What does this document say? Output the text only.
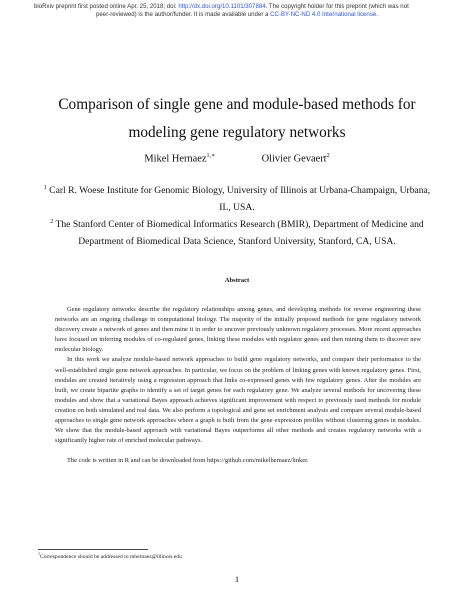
bioRxiv preprint first posted online Apr. 25, 2018; doi: http://dx.doi.org/10.1101/307884. The copyright holder for this preprint (which was not
peer-reviewed) is the author/funder. It is made available under a CC-BY-NC-ND 4.0 International license.
Comparison of single gene and module-based methods for
modeling gene regulatory networks
Mikel Hernaez$^{1,∗}$	Olivier Gevaert$^2$
$^1$ Carl R. Woese Institute for Genomic Biology, University of Illinois at Urbana-Champaign, Urbana, IL, USA.
$^2$ The Stanford Center of Biomedical Informatics Research (BMIR), Department of Medicine and Department of Biomedical Data Science, Stanford University, Stanford, CA, USA.
Abstract

Gene regulatory networks describe the regulatory relationships among genes, and developing methods for reverse engineering these networks are an ongoing challenge in computational biology. The majority of the initially proposed methods for gene regulatory network discovery create a network of genes and then mine it in order to uncover previously unknown regulatory processes. More recent approaches have focused on inferring modules of co-regulated genes, linking these modules with regulator genes and then mining them to discover new molecular biology.

In this work we analyze module-based network approaches to build gene regulatory networks, and compare their performance to the well-established single gene network approaches. In particular, we focus on the problem of linking genes with known regulatory genes. First, modules are created iteratively using a regression approach that links co-expressed genes with few regulatory genes. After the modules are built, we create bipartite graphs to identify a set of target genes for each regulatory gene. We analyze several methods for uncovering these modules and show that a variational Bayes approach achieves significant improvement with respect to previously used methods for module creation on both simulated and real data. We also perform a topological and gene set enrichment analysis and compare several module-based approaches to single gene network approaches where a graph is built from the gene expression profiles without clustering genes in modules. We show that the module-based approach with variational Bayes outperforms all other methods and creates regulatory networks with a significantly higher rate of enriched molecular pathways.

The code is written in R and can be downloaded from https://github.com/mikelhernaez/linker.

$^1$Correspondence should be addressed to mhernaez@illinois.edu
1
